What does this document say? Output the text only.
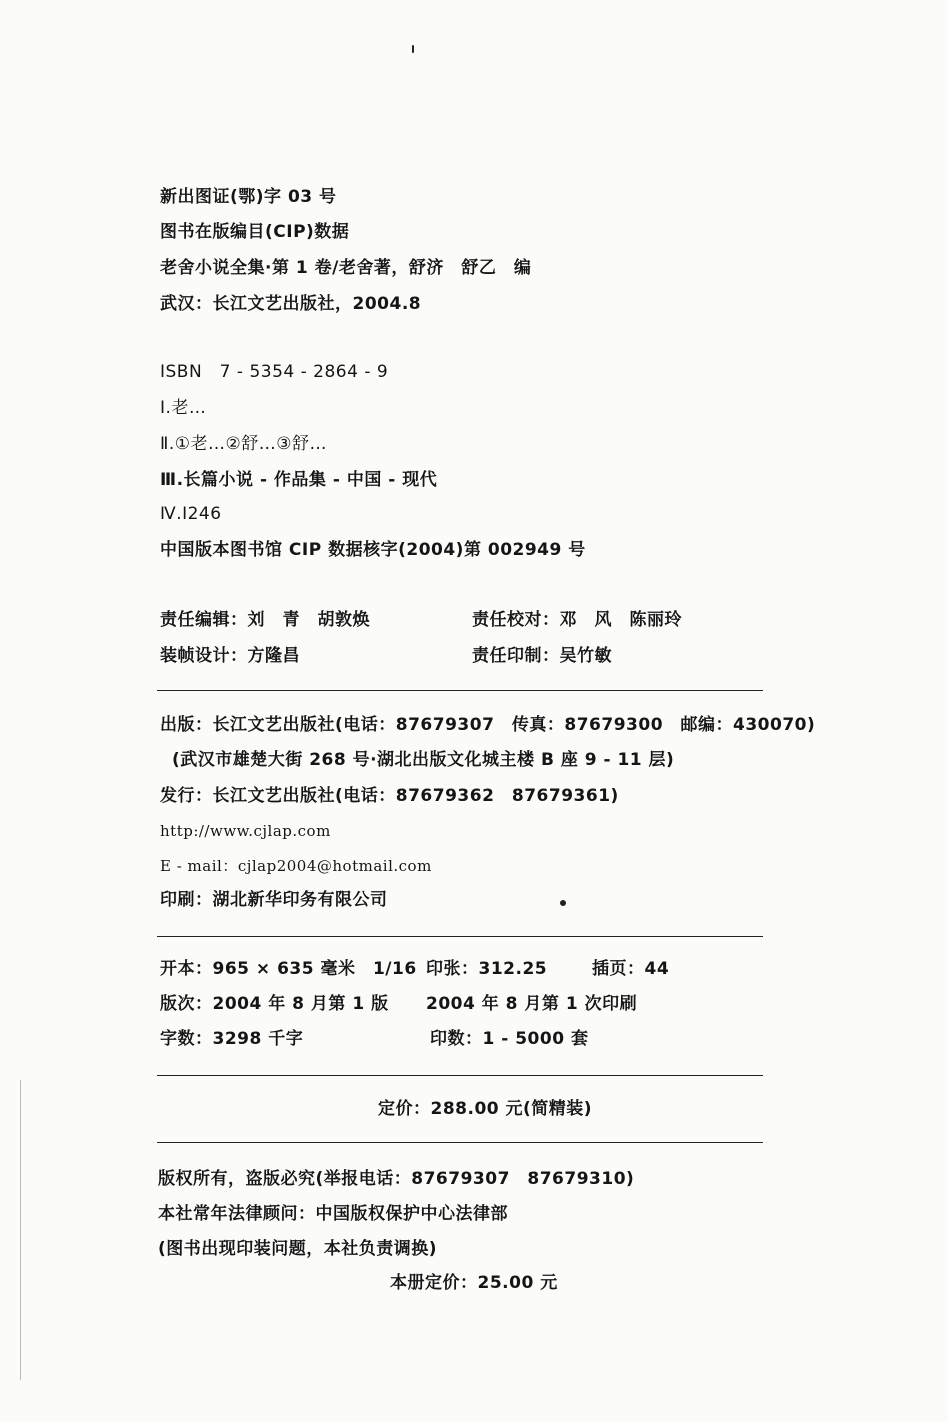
新出图证(鄂)字 03 号
图书在版编目(CIP)数据
老舍小说全集·第 1 卷/老舍著，舒济　舒乙　编
武汉：长江文艺出版社，2004.8
ISBN　7 - 5354 - 2864 - 9
Ⅰ.老…
Ⅱ.①老…②舒…③舒…
Ⅲ.长篇小说 - 作品集 - 中国 - 现代
Ⅳ.I246
中国版本图书馆 CIP 数据核字(2004)第 002949 号
责任编辑：刘　青　胡敦焕	责任校对：邓　风　陈丽玲
装帧设计：方隆昌	责任印制：吴竹敏
出版：长江文艺出版社(电话：87679307　传真：87679300　邮编：430070)
(武汉市雄楚大街 268 号·湖北出版文化城主楼 B 座 9 - 11 层)
发行：长江文艺出版社(电话：87679362　87679361)
http://www.cjlap.com
E - mail：cjlap2004@hotmail.com
印刷：湖北新华印务有限公司
开本：965 × 635 毫米　1/16 印张：312.25	插页：44
版次：2004 年 8 月第 1 版 2004 年 8 月第 1 次印刷
字数：3298 千字	印数：1 - 5000 套
定价：288.00 元(简精装)
版权所有，盗版必究(举报电话：87679307　87679310)
本社常年法律顾问：中国版权保护中心法律部
(图书出现印装问题，本社负责调换)
本册定价：25.00 元
